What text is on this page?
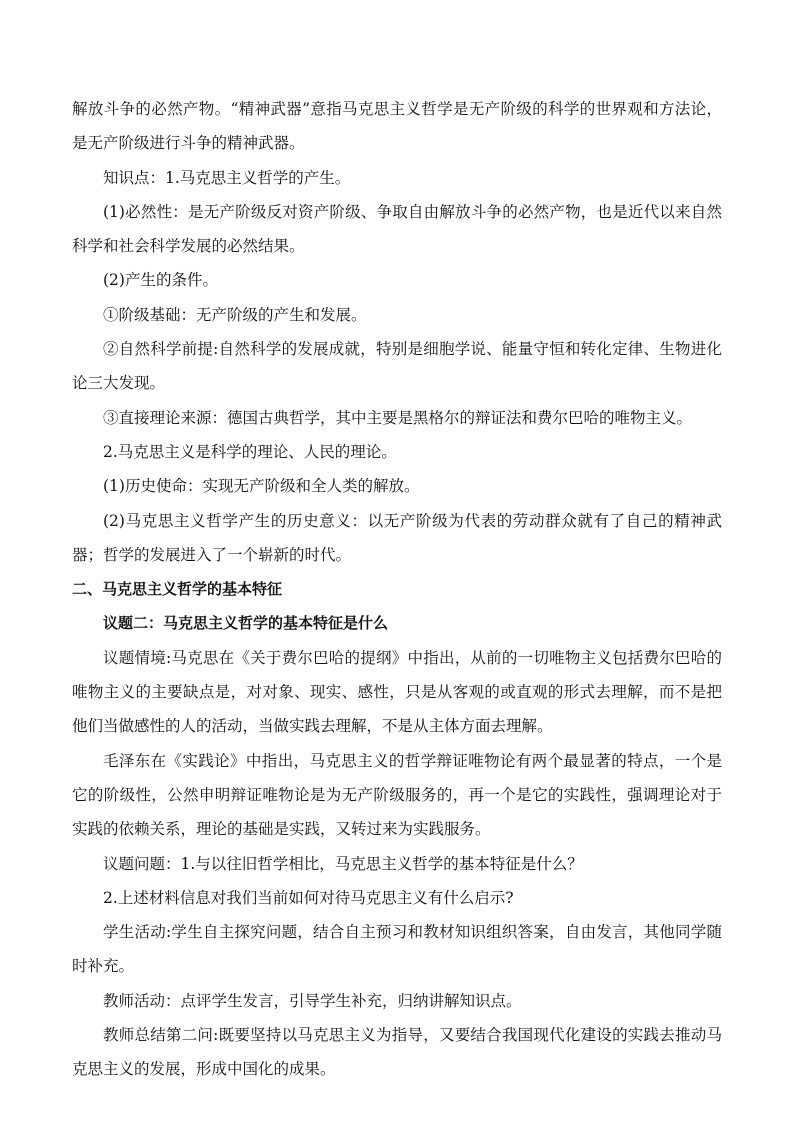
解放斗争的必然产物。“精神武器”意指马克思主义哲学是无产阶级的科学的世界观和方法论，是无产阶级进行斗争的精神武器。

知识点：1.马克思主义哲学的产生。

(1)必然性：是无产阶级反对资产阶级、争取自由解放斗争的必然产物，也是近代以来自然科学和社会科学发展的必然结果。

(2)产生的条件。

①阶级基础：无产阶级的产生和发展。

②自然科学前提:自然科学的发展成就，特别是细胞学说、能量守恒和转化定律、生物进化论三大发现。

③直接理论来源：德国古典哲学，其中主要是黑格尔的辩证法和费尔巴哈的唯物主义。

2.马克思主义是科学的理论、人民的理论。

(1)历史使命：实现无产阶级和全人类的解放。

(2)马克思主义哲学产生的历史意义：以无产阶级为代表的劳动群众就有了自己的精神武器；哲学的发展进入了一个崭新的时代。

二、马克思主义哲学的基本特征

议题二：马克思主义哲学的基本特征是什么

议题情境:马克思在《关于费尔巴哈的提纲》中指出，从前的一切唯物主义包括费尔巴哈的唯物主义的主要缺点是，对对象、现实、感性，只是从客观的或直观的形式去理解，而不是把他们当做感性的人的活动，当做实践去理解，不是从主体方面去理解。

毛泽东在《实践论》中指出，马克思主义的哲学辩证唯物论有两个最显著的特点，一个是它的阶级性，公然申明辩证唯物论是为无产阶级服务的，再一个是它的实践性，强调理论对于实践的依赖关系，理论的基础是实践，又转过来为实践服务。

议题问题：1.与以往旧哲学相比，马克思主义哲学的基本特征是什么？

2.上述材料信息对我们当前如何对待马克思主义有什么启示?

学生活动:学生自主探究问题，结合自主预习和教材知识组织答案，自由发言，其他同学随时补充。

教师活动：点评学生发言，引导学生补充，归纳讲解知识点。

教师总结第二问:既要坚持以马克思主义为指导，又要结合我国现代化建设的实践去推动马克思主义的发展，形成中国化的成果。
